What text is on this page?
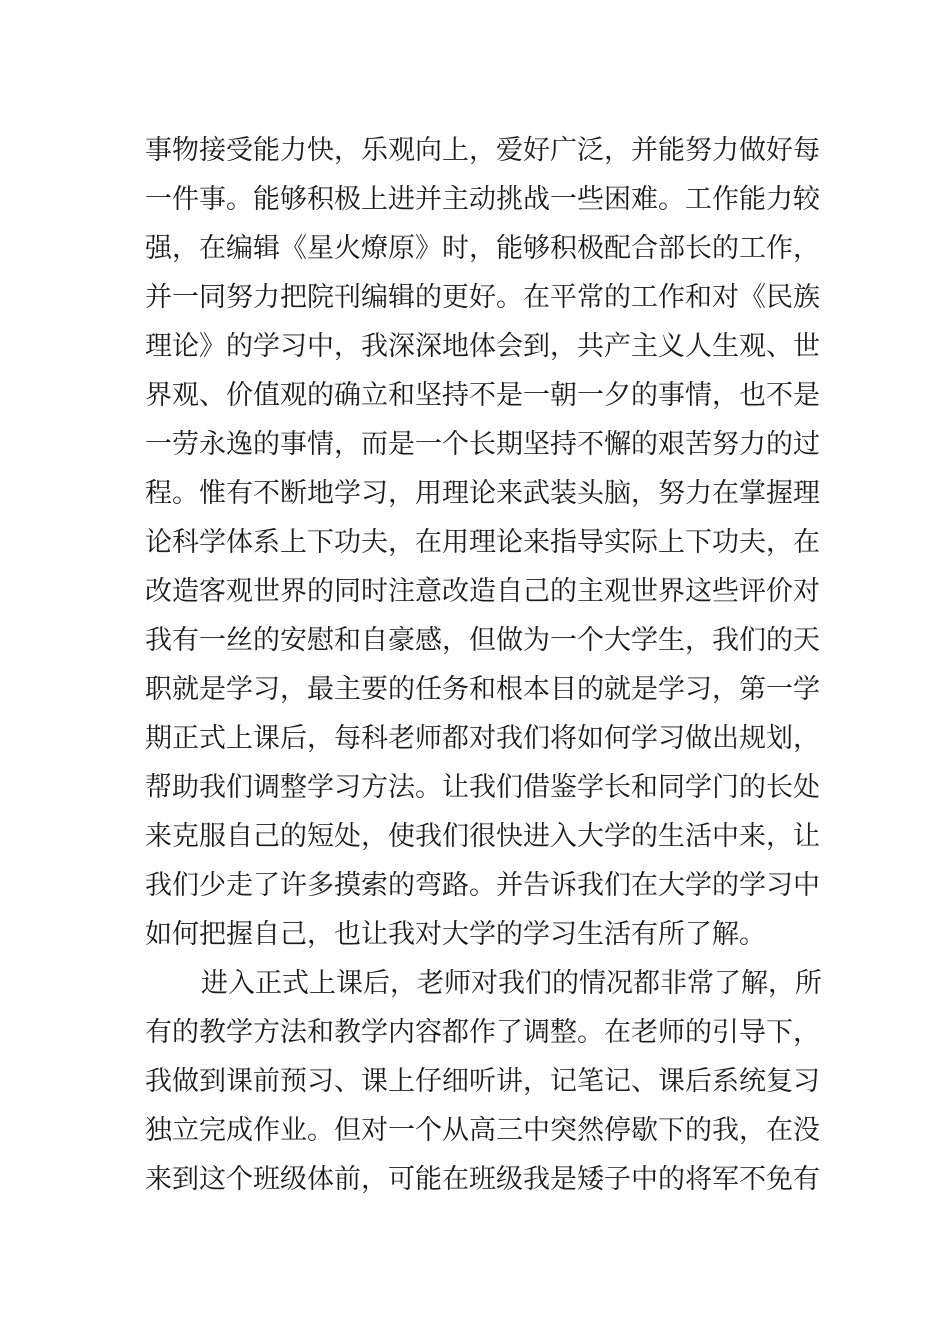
事物接受能力快，乐观向上，爱好广泛，并能努力做好每
一件事。能够积极上进并主动挑战一些困难。工作能力较
强，在编辑《星火燎原》时，能够积极配合部长的工作，
并一同努力把院刊编辑的更好。在平常的工作和对《民族
理论》的学习中，我深深地体会到，共产主义人生观、世
界观、价值观的确立和坚持不是一朝一夕的事情，也不是
一劳永逸的事情，而是一个长期坚持不懈的艰苦努力的过
程。惟有不断地学习，用理论来武装头脑，努力在掌握理
论科学体系上下功夫，在用理论来指导实际上下功夫，在
改造客观世界的同时注意改造自己的主观世界这些评价对
我有一丝的安慰和自豪感，但做为一个大学生，我们的天
职就是学习，最主要的任务和根本目的就是学习，第一学
期正式上课后，每科老师都对我们将如何学习做出规划，
帮助我们调整学习方法。让我们借鉴学长和同学门的长处
来克服自己的短处，使我们很快进入大学的生活中来，让
我们少走了许多摸索的弯路。并告诉我们在大学的学习中
如何把握自己，也让我对大学的学习生活有所了解。
进入正式上课后，老师对我们的情况都非常了解，所
有的教学方法和教学内容都作了调整。在老师的引导下，
我做到课前预习、课上仔细听讲，记笔记、课后系统复习
独立完成作业。但对一个从高三中突然停歇下的我，在没
来到这个班级体前，可能在班级我是矮子中的将军不免有
